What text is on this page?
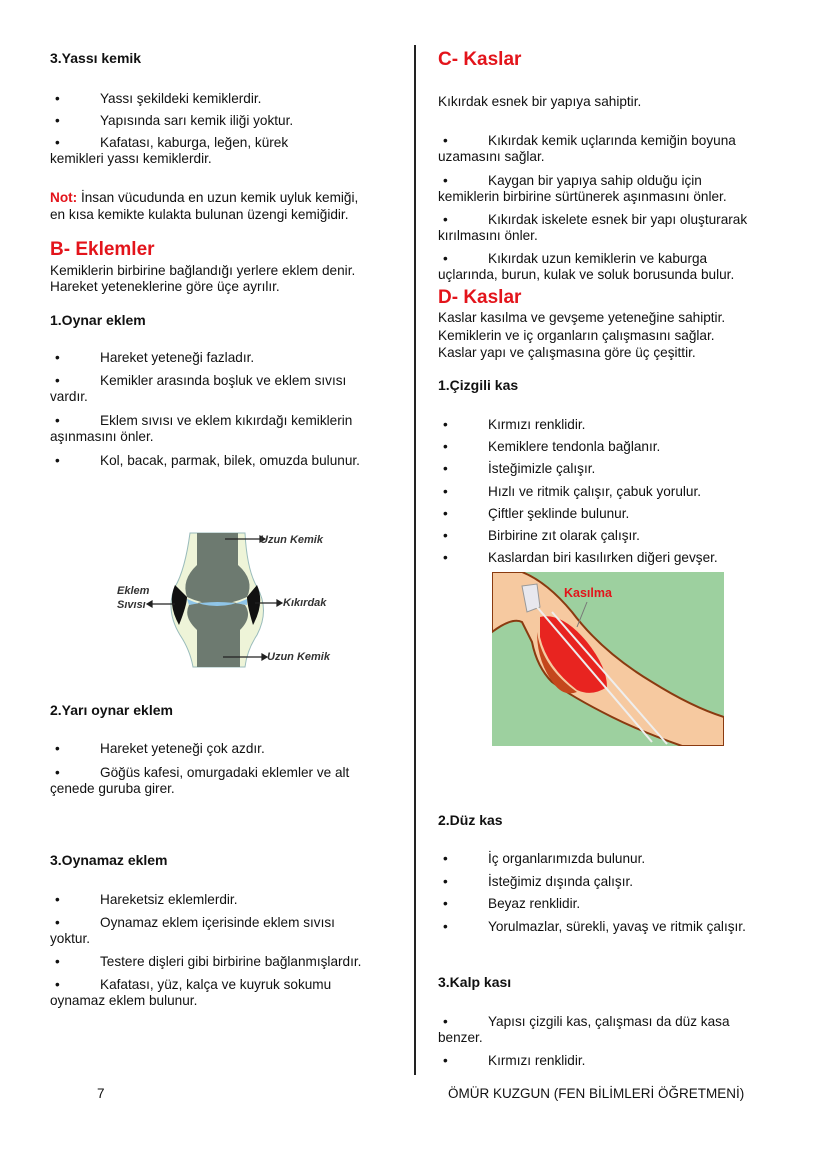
3.Yassı kemik
•	Yassı şekildeki kemiklerdir.
•	Yapısında sarı kemik iliği yoktur.
•	Kafatası, kaburga, leğen, kürek
kemikleri yassı kemiklerdir.
Not: İnsan vücudunda en uzun kemik uyluk kemiği,
en kısa kemikte kulakta bulunan üzengi kemiğidir.
B- Eklemler
Kemiklerin birbirine bağlandığı yerlere eklem denir.
Hareket yeteneklerine göre üçe ayrılır.
1.Oynar eklem
•	Hareket yeteneği fazladır.
•	Kemikler arasında boşluk ve eklem sıvısı
vardır.
•	Eklem sıvısı ve eklem kıkırdağı kemiklerin
aşınmasını önler.
•	Kol, bacak, parmak, bilek, omuzda bulunur.
Uzun Kemik
Eklem
Sıvısı	Kıkırdak
Uzun Kemik
2.Yarı oynar eklem
•	Hareket yeteneği çok azdır.
•	Göğüs kafesi, omurgadaki eklemler ve alt
çenede guruba girer.
3.Oynamaz eklem
•	Hareketsiz eklemlerdir.
•	Oynamaz eklem içerisinde eklem sıvısı
yoktur.
•	Testere dişleri gibi birbirine bağlanmışlardır.
•	Kafatası, yüz, kalça ve kuyruk sokumu
oynamaz eklem bulunur.
C- Kaslar
Kıkırdak esnek bir yapıya sahiptir.
•	Kıkırdak kemik uçlarında kemiğin boyuna
uzamasını sağlar.
•	Kaygan bir yapıya sahip olduğu için
kemiklerin birbirine sürtünerek aşınmasını önler.
•	Kıkırdak iskelete esnek bir yapı oluşturarak
kırılmasını önler.
•	Kıkırdak uzun kemiklerin ve kaburga
uçlarında, burun, kulak ve soluk borusunda bulur.
D- Kaslar
Kaslar kasılma ve gevşeme yeteneğine sahiptir.
Kemiklerin ve iç organların çalışmasını sağlar.
Kaslar yapı ve çalışmasına göre üç çeşittir.
1.Çizgili kas
•	Kırmızı renklidir.
•	Kemiklere tendonla bağlanır.
•	İsteğimizle çalışır.
•	Hızlı ve ritmik çalışır, çabuk yorulur.
•	Çiftler şeklinde bulunur.
•	Birbirine zıt olarak çalışır.
•	Kaslardan biri kasılırken diğeri gevşer.
Kasılma
2.Düz kas
•	İç organlarımızda bulunur.
•	İsteğimiz dışında çalışır.
•	Beyaz renklidir.
•	Yorulmazlar, sürekli, yavaş ve ritmik çalışır.
3.Kalp kası
•	Yapısı çizgili kas, çalışması da düz kasa
benzer.
•	Kırmızı renklidir.
7	ÖMÜR KUZGUN (FEN BİLİMLERİ ÖĞRETMENİ)
